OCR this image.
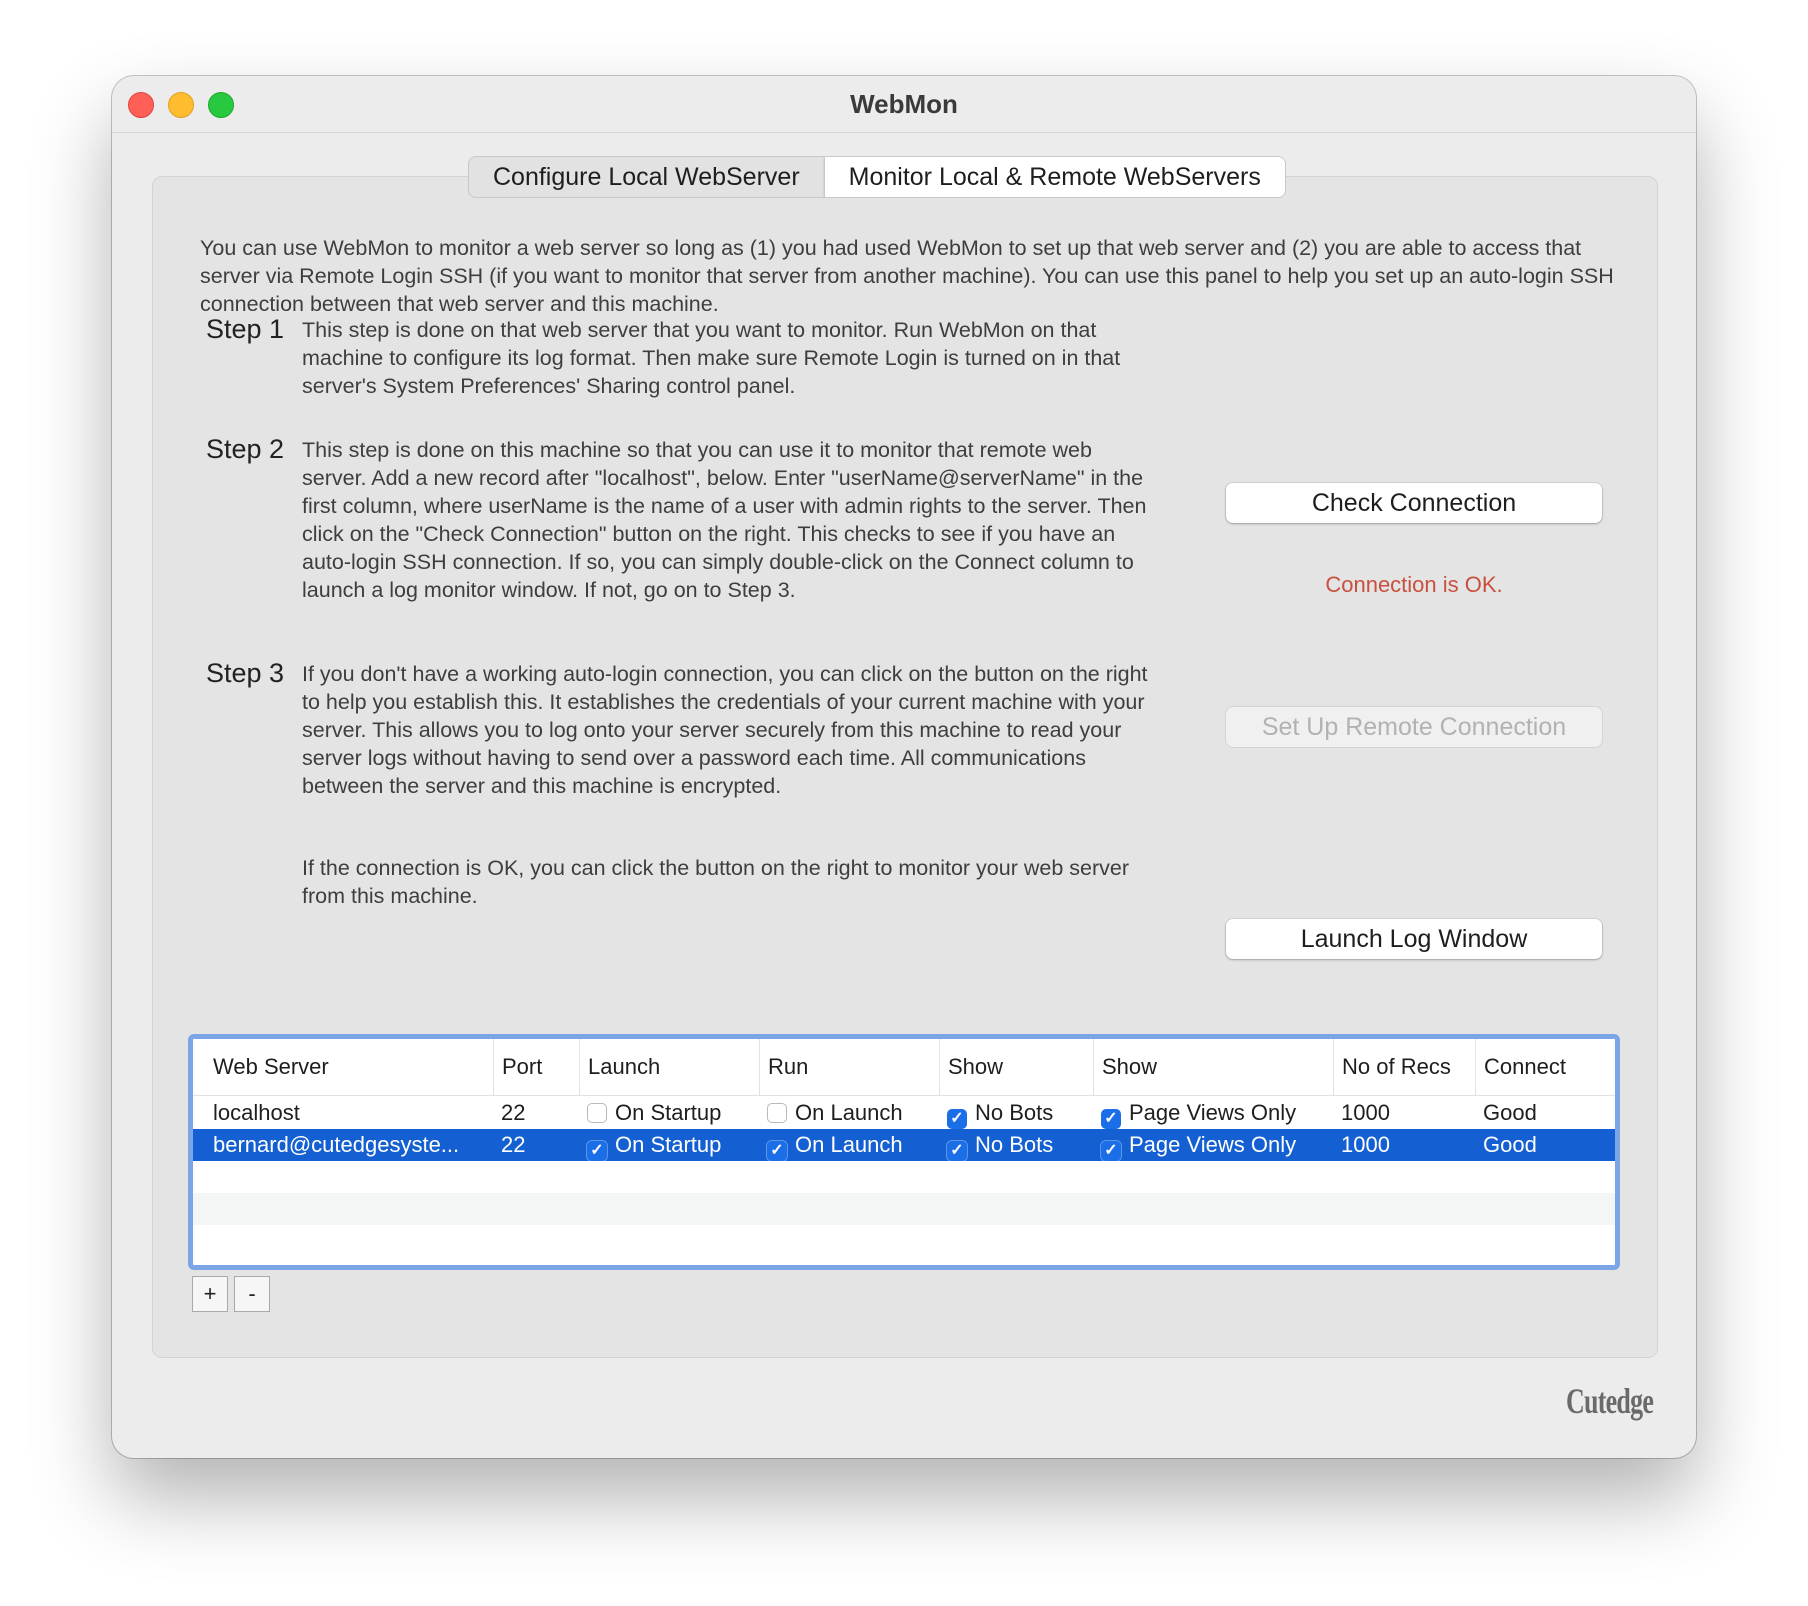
WebMon
Configure Local WebServer	Monitor Local & Remote WebServers

You can use WebMon to monitor a web server so long as (1) you had used WebMon to set up that web server and (2) you are able to access that server via Remote Login SSH (if you want to monitor that server from another machine). You can use this panel to help you set up an auto-login SSH connection between that web server and this machine.

Step 1 This step is done on that web server that you want to monitor. Run WebMon on that machine to configure its log format. Then make sure Remote Login is turned on in that server's System Preferences' Sharing control panel.

Step 2 This step is done on this machine so that you can use it to monitor that remote web server. Add a new record after "localhost", below. Enter "userName@serverName" in the first column, where userName is the name of a user with admin rights to the server. Then click on the "Check Connection" button on the right. This checks to see if you have an auto-login SSH connection. If so, you can simply double-click on the Connect column to launch a log monitor window. If not, go on to Step 3.

Step 3 If you don't have a working auto-login connection, you can click on the button on the right to help you establish this. It establishes the credentials of your current machine with your server. This allows you to log onto your server securely from this machine to read your server logs without having to send over a password each time. All communications between the server and this machine is encrypted.

If the connection is OK, you can click the button on the right to monitor your web server from this machine.

Check Connection
Connection is OK.
Set Up Remote Connection
Launch Log Window
Web Server	Port	Launch	Run	Show	Show	No of Recs	Connect
localhost	22	On Startup	On Launch	✓ No Bots	✓ Page Views Only	1000	Good
bernard@cutedgesyste...	22	✓ On Startup	✓ On Launch	✓ No Bots	✓ Page Views Only	1000	Good
+	-
Cutedge
